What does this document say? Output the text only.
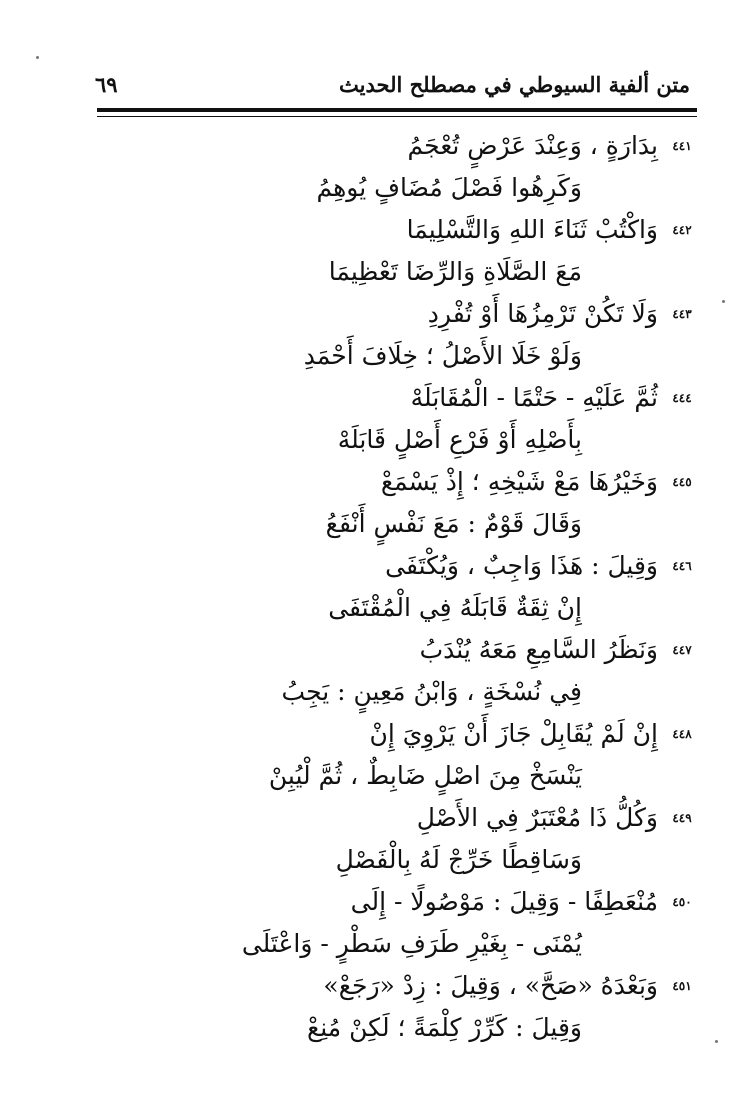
متن ألفية السيوطي في مصطلح الحديث
٦٩
٤٤١
بِدَارَةٍ ، وَعِنْدَ عَرْضٍ تُعْجَمُ
وَكَرِهُوا فَصْلَ مُضَافٍ يُوهِمُ
٤٤٢
وَاكْتُبْ ثَنَاءَ اللهِ وَالتَّسْلِيمَا
مَعَ الصَّلَاةِ وَالرِّضَا تَعْظِيمَا
٤٤٣
وَلَا تَكُنْ تَرْمِزُهَا أَوْ تُفْرِدِ
وَلَوْ خَلَا الأَصْلُ ؛ خِلَافَ أَحْمَدِ
٤٤٤
ثُمَّ عَلَيْهِ - حَتْمًا - الْمُقَابَلَهْ
بِأَصْلِهِ أَوْ فَرْعِ أَصْلٍ قَابَلَهْ
٤٤٥
وَخَيْرُهَا مَعْ شَيْخِهِ ؛ إِذْ يَسْمَعْ
وَقَالَ قَوْمٌ : مَعَ نَفْسٍ أَنْفَعُ
٤٤٦
وَقِيلَ : هَذَا وَاجِبٌ ، وَيُكْتَفَى
إِنْ ثِقَةٌ قَابَلَهُ فِي الْمُقْتَفَى
٤٤٧
وَنَظَرُ السَّامِعِ مَعَهُ يُنْدَبُ
فِي نُسْخَةٍ ، وَابْنُ مَعِينٍ : يَجِبُ
٤٤٨
إِنْ لَمْ يُقَابِلْ جَازَ أَنْ يَرْوِيَ إِنْ
يَنْسَخْ مِنَ اصْلٍ ضَابِطٌ ، ثُمَّ لْيُبِنْ
٤٤٩
وَكُلُّ ذَا مُعْتَبَرٌ فِي الأَصْلِ
وَسَاقِطًا خَرِّجْ لَهُ بِالْفَصْلِ
٤٥٠
مُنْعَطِفًا - وَقِيلَ : مَوْصُولًا - إِلَى
يُمْنَى - بِغَيْرِ طَرَفِ سَطْرٍ - وَاعْتَلَى
٤٥١
وَبَعْدَهُ «صَحَّ» ، وَقِيلَ : زِدْ «رَجَعْ»
وَقِيلَ : كَرِّرْ كِلْمَةً ؛ لَكِنْ مُنِعْ
